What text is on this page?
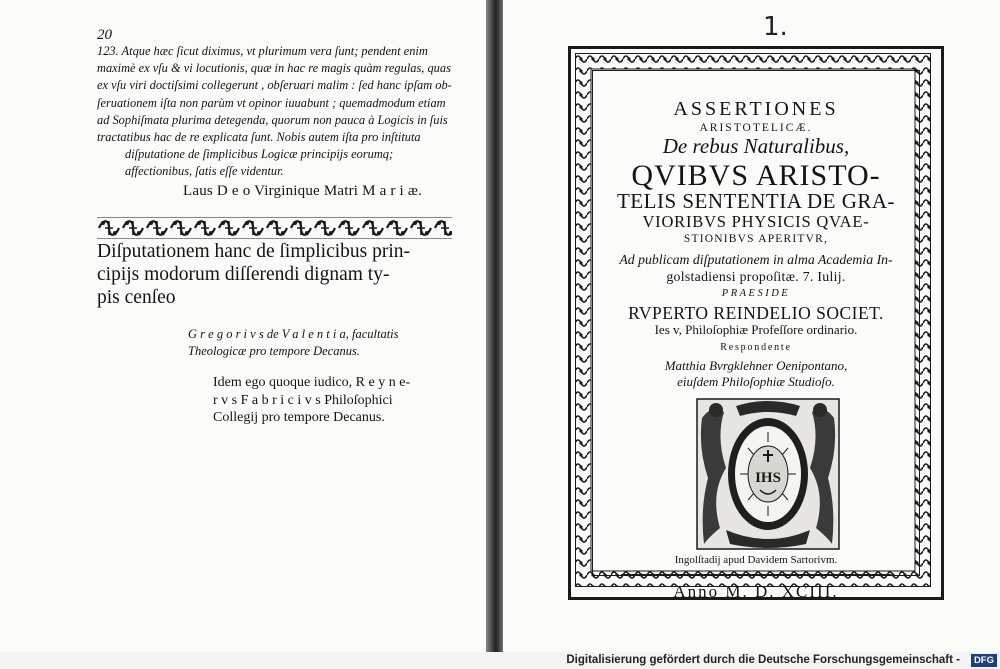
20
123. Atque hæc ſicut diximus, vt plurimum vera ſunt; pendent enim
maximè ex vſu & vi locutionis, quæ in hac re magis quàm regulas, quas
ex vſu viri doctiſsimi collegerunt , obſeruari malim : ſed hanc ipſam ob-
ſeruationem iſta non parùm vt opinor iuuabunt ; quemadmodum etiam
ad Sophiſmata plurima detegenda, quorum non pauca à Logicis in ſuis
tractatibus hac de re explicata ſunt. Nobis autem iſta pro inſtituta
diſputatione de ſimplicibus Logicæ principijs eorumq;
affectionibus, ſatis eſſe videntur.
Laus D e o Virginique Matri M a r i æ.
Diſputationem hanc de ſimplicibus prin-
cipijs modorum diſſerendi dignam ty-
pis cenſeo
G r e g o r i v s de V a l e n t i a, facultatis
Theologicæ pro tempore Decanus.
Idem ego quoque iudico, R e y n e-
r v s F a b r i c i v s Philoſophici
Collegij pro tempore Decanus.
1.
ASSERTIONES
ARISTOTELICÆ.
De rebus Naturalibus,
QVIBVS ARISTO-
TELIS SENTENTIA DE GRA-
VIORIBVS PHYSICIS QVAE-
STIONIBVS APERITVR,
Ad publicam diſputationem in alma Academia In-
golstadiensi propoſitæ. 7. Iulij.
PRAESIDE
RVPERTO REINDELIO SOCIET.
Ies v, Philoſophiæ Profeſſore ordinario.
Respondente
Matthia Bvrgklehner Oenipontano,
eiuſdem Philoſophiæ Studioſo.
IHS
Ingolſtadij apud Davidem Sartorivm.
Anno M. D. XCIII.
Digitalisierung gefördert durch die Deutsche Forschungsgemeinschaft -	DFG
